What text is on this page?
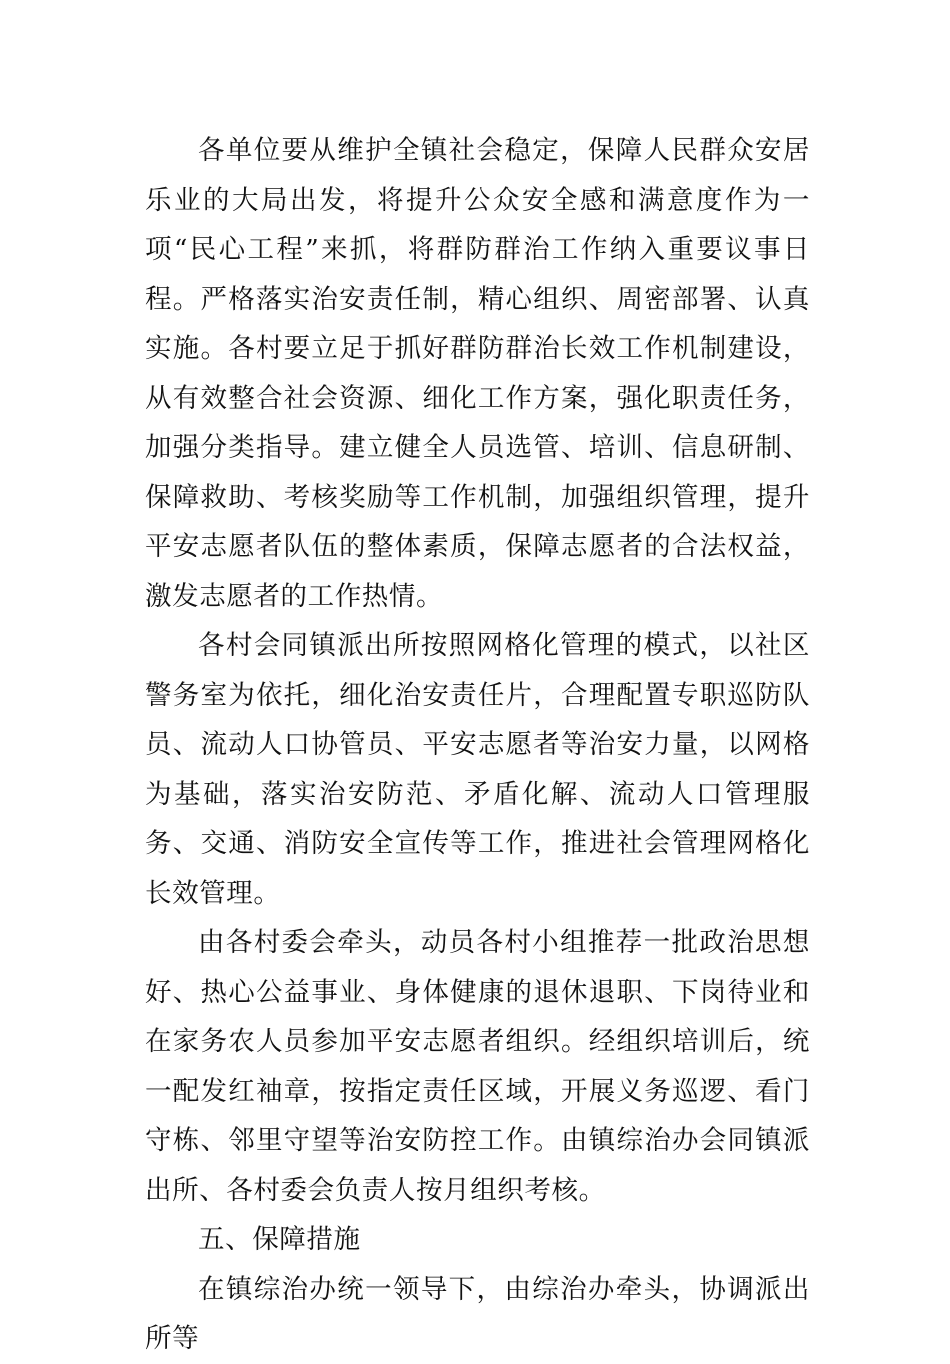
各单位要从维护全镇社会稳定，保障人民群众安居乐业的大局出发，将提升公众安全感和满意度作为一项“民心工程”来抓，将群防群治工作纳入重要议事日程。严格落实治安责任制，精心组织、周密部署、认真实施。各村要立足于抓好群防群治长效工作机制建设，从有效整合社会资源、细化工作方案，强化职责任务，加强分类指导。建立健全人员选管、培训、信息研制、保障救助、考核奖励等工作机制，加强组织管理，提升平安志愿者队伍的整体素质，保障志愿者的合法权益，激发志愿者的工作热情。

各村会同镇派出所按照网格化管理的模式，以社区警务室为依托，细化治安责任片，合理配置专职巡防队员、流动人口协管员、平安志愿者等治安力量，以网格为基础，落实治安防范、矛盾化解、流动人口管理服务、交通、消防安全宣传等工作，推进社会管理网格化长效管理。

由各村委会牵头，动员各村小组推荐一批政治思想好、热心公益事业、身体健康的退休退职、下岗待业和在家务农人员参加平安志愿者组织。经组织培训后，统一配发红袖章，按指定责任区域，开展义务巡逻、看门守栋、邻里守望等治安防控工作。由镇综治办会同镇派出所、各村委会负责人按月组织考核。

五、保障措施

在镇综治办统一领导下，由综治办牵头，协调派出所等
